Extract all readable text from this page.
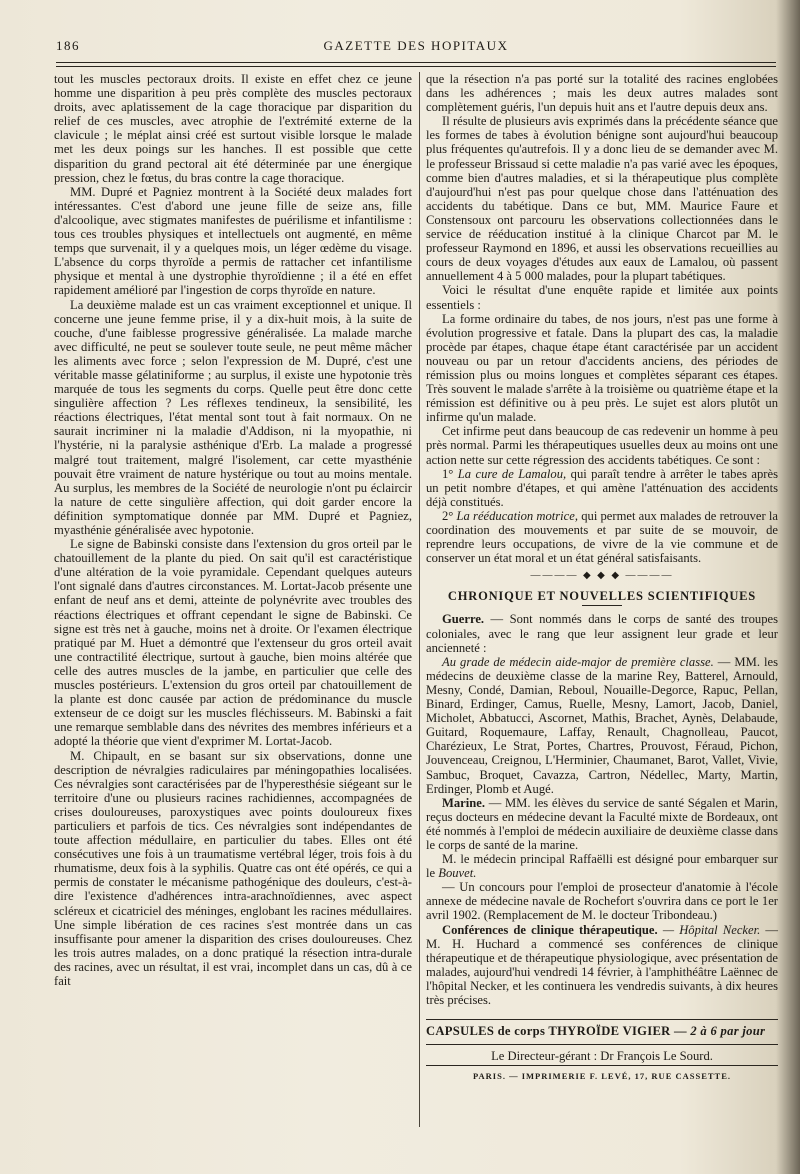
186	GAZETTE DES HOPITAUX

tout les muscles pectoraux droits. Il existe en effet chez ce jeune homme une disparition à peu près complète des muscles pectoraux droits, avec aplatissement de la cage thoracique par disparition du relief de ces muscles, avec atrophie de l'extrémité externe de la clavicule ; le méplat ainsi créé est surtout visible lorsque le malade met les deux poings sur les hanches. Il est possible que cette disparition du grand pectoral ait été déterminée par une énergique pression, chez le fœtus, du bras contre la cage thoracique.

MM. Dupré et Pagniez montrent à la Société deux malades fort intéressantes. C'est d'abord une jeune fille de seize ans, fille d'alcoolique, avec stigmates manifestes de puérilisme et infantilisme : tous ces troubles physiques et intellectuels ont augmenté, en même temps que survenait, il y a quelques mois, un léger œdème du visage. L'absence du corps thyroïde a permis de rattacher cet infantilisme physique et mental à une dystrophie thyroïdienne ; il a été en effet rapidement amélioré par l'ingestion de corps thyroïde en nature.

La deuxième malade est un cas vraiment exceptionnel et unique. Il concerne une jeune femme prise, il y a dix-huit mois, à la suite de couche, d'une faiblesse progressive généralisée. La malade marche avec difficulté, ne peut se soulever toute seule, ne peut même mâcher les aliments avec force ; selon l'expression de M. Dupré, c'est une véritable masse gélatiniforme ; au surplus, il existe une hypotonie très marquée de tous les segments du corps. Quelle peut être donc cette singulière affection ? Les réflexes tendineux, la sensibilité, les réactions électriques, l'état mental sont tout à fait normaux. On ne saurait incriminer ni la maladie d'Addison, ni la myopathie, ni l'hystérie, ni la paralysie asthénique d'Erb. La malade a progressé malgré tout traitement, malgré l'isolement, car cette myasthénie pouvait être vraiment de nature hystérique ou tout au moins mentale. Au surplus, les membres de la Société de neurologie n'ont pu éclaircir la nature de cette singulière affection, qui doit garder encore la définition symptomatique donnée par MM. Dupré et Pagniez, myasthénie généralisée avec hypotonie.

Le signe de Babinski consiste dans l'extension du gros orteil par le chatouillement de la plante du pied. On sait qu'il est caractéristique d'une altération de la voie pyramidale. Cependant quelques auteurs l'ont signalé dans d'autres circonstances. M. Lortat-Jacob présente une enfant de neuf ans et demi, atteinte de polynévrite avec troubles des réactions électriques et offrant cependant le signe de Babinski. Ce signe est très net à gauche, moins net à droite. Or l'examen électrique pratiqué par M. Huet a démontré que l'extenseur du gros orteil avait une contractilité électrique, surtout à gauche, bien moins altérée que celle des autres muscles de la jambe, en particulier que celle des muscles postérieurs. L'extension du gros orteil par chatouillement de la plante est donc causée par action de prédominance du muscle extenseur de ce doigt sur les muscles fléchisseurs. M. Babinski a fait une remarque semblable dans des névrites des membres inférieurs et a adopté la théorie que vient d'exprimer M. Lortat-Jacob.

M. Chipault, en se basant sur six observations, donne une description de névralgies radiculaires par méningopathies localisées. Ces névralgies sont caractérisées par de l'hyperesthésie siégeant sur le territoire d'une ou plusieurs racines rachidiennes, accompagnées de crises douloureuses, paroxystiques avec points douloureux fixes particuliers et parfois de tics. Ces névralgies sont indépendantes de toute affection médullaire, en particulier du tabes. Elles ont été consécutives une fois à un traumatisme vertébral léger, trois fois à du rhumatisme, deux fois à la syphilis. Quatre cas ont été opérés, ce qui a permis de constater le mécanisme pathogénique des douleurs, c'est-à-dire l'existence d'adhérences intra-arachnoïdiennes, avec aspect scléreux et cicatriciel des méninges, englobant les racines médullaires. Une simple libération de ces racines s'est montrée dans un cas insuffisante pour amener la disparition des crises douloureuses. Chez les trois autres malades, on a donc pratiqué la résection intra-durale des racines, avec un résultat, il est vrai, incomplet dans un cas, dû à ce fait

que la résection n'a pas porté sur la totalité des racines englobées dans les adhérences ; mais les deux autres malades sont complètement guéris, l'un depuis huit ans et l'autre depuis deux ans.

Il résulte de plusieurs avis exprimés dans la précédente séance que les formes de tabes à évolution bénigne sont aujourd'hui beaucoup plus fréquentes qu'autrefois. Il y a donc lieu de se demander avec M. le professeur Brissaud si cette maladie n'a pas varié avec les époques, comme bien d'autres maladies, et si la thérapeutique plus complète d'aujourd'hui n'est pas pour quelque chose dans l'atténuation des accidents du tabétique. Dans ce but, MM. Maurice Faure et Constensoux ont parcouru les observations collectionnées dans le service de rééducation institué à la clinique Charcot par M. le professeur Raymond en 1896, et aussi les observations recueillies au cours de deux voyages d'études aux eaux de Lamalou, où passent annuellement 4 à 5 000 malades, pour la plupart tabétiques.

Voici le résultat d'une enquête rapide et limitée aux points essentiels :

La forme ordinaire du tabes, de nos jours, n'est pas une forme à évolution progressive et fatale. Dans la plupart des cas, la maladie procède par étapes, chaque étape étant caractérisée par un accident nouveau ou par un retour d'accidents anciens, des périodes de rémission plus ou moins longues et complètes séparant ces étapes. Très souvent le malade s'arrête à la troisième ou quatrième étape et la rémission est définitive ou à peu près. Le sujet est alors plutôt un infirme qu'un malade.

Cet infirme peut dans beaucoup de cas redevenir un homme à peu près normal. Parmi les thérapeutiques usuelles deux au moins ont une action nette sur cette régression des accidents tabétiques. Ce sont :

1° La cure de Lamalou, qui paraît tendre à arrêter le tabes après un petit nombre d'étapes, et qui amène l'atténuation des accidents déjà constitués.

2° La rééducation motrice, qui permet aux malades de retrouver la coordination des mouvements et par suite de se mouvoir, de reprendre leurs occupations, de vivre de la vie commune et de conserver un état moral et un état général satisfaisants.

———— ◆ ◆ ◆ ————
CHRONIQUE ET NOUVELLES SCIENTIFIQUES

Guerre. — Sont nommés dans le corps de santé des troupes coloniales, avec le rang que leur assignent leur grade et leur ancienneté :

Au grade de médecin aide-major de première classe. — MM. les médecins de deuxième classe de la marine Rey, Batterel, Arnould, Mesny, Condé, Damian, Reboul, Nouaille-Degorce, Rapuc, Pellan, Binard, Erdinger, Camus, Ruelle, Mesny, Lamort, Jacob, Daniel, Micholet, Abbatucci, Ascornet, Mathis, Brachet, Aynès, Delabaude, Guitard, Roquemaure, Laffay, Renault, Chagnolleau, Paucot, Charézieux, Le Strat, Portes, Chartres, Prouvost, Féraud, Pichon, Jouvenceau, Creignou, L'Herminier, Chaumanet, Barot, Vallet, Vivie, Sambuc, Broquet, Cavazza, Cartron, Nédellec, Marty, Martin, Erdinger, Plomb et Augé.

Marine. — MM. les élèves du service de santé Ségalen et Marin, reçus docteurs en médecine devant la Faculté mixte de Bordeaux, ont été nommés à l'emploi de médecin auxiliaire de deuxième classe dans le corps de santé de la marine.

M. le médecin principal Raffaëlli est désigné pour embarquer sur le Bouvet.

— Un concours pour l'emploi de prosecteur d'anatomie à l'école annexe de médecine navale de Rochefort s'ouvrira dans ce port le 1er avril 1902. (Remplacement de M. le docteur Tribondeau.)

Conférences de clinique thérapeutique. — Hôpital Necker. — M. H. Huchard a commencé ses conférences de clinique thérapeutique et de thérapeutique physiologique, avec présentation de malades, aujourd'hui vendredi 14 février, à l'amphithéâtre Laënnec de l'hôpital Necker, et les continuera les vendredis suivants, à dix heures très précises.

CAPSULES de corps THYROÏDE VIGIER — 2 à 6 par jour
Le Directeur-gérant : Dr François Le Sourd.
PARIS. — IMPRIMERIE F. LEVÉ, 17, RUE CASSETTE.
